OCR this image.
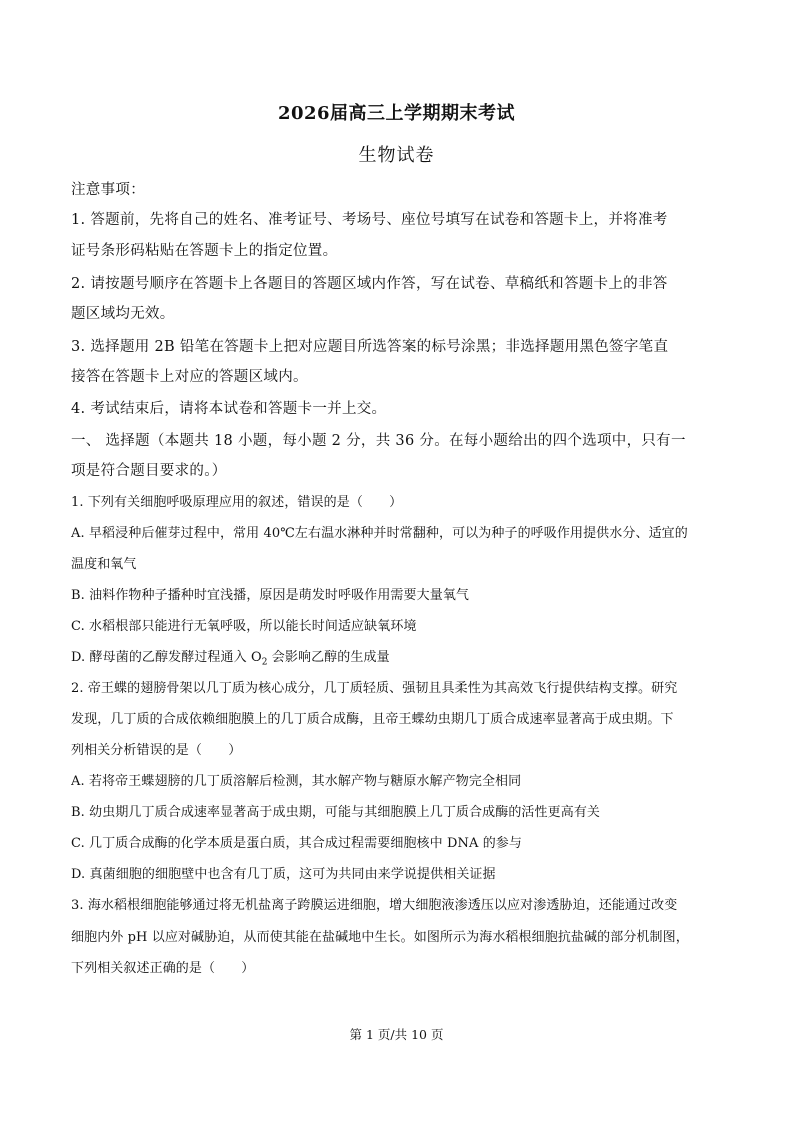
2026届高三上学期期末考试
生物试卷
注意事项：
1. 答题前，先将自己的姓名、准考证号、考场号、座位号填写在试卷和答题卡上，并将准考
证号条形码粘贴在答题卡上的指定位置。
2. 请按题号顺序在答题卡上各题目的答题区域内作答，写在试卷、草稿纸和答题卡上的非答
题区域均无效。
3. 选择题用 2B 铅笔在答题卡上把对应题目所选答案的标号涂黑；非选择题用黑色签字笔直
接答在答题卡上对应的答题区域内。
4. 考试结束后，请将本试卷和答题卡一并上交。
一、 选择题（本题共 18 小题，每小题 2 分，共 36 分。在每小题给出的四个选项中，只有一
项是符合题目要求的。）
1. 下列有关细胞呼吸原理应用的叙述，错误的是（　　）
A. 早稻浸种后催芽过程中，常用 40℃左右温水淋种并时常翻种，可以为种子的呼吸作用提供水分、适宜的
温度和氧气
B. 油料作物种子播种时宜浅播，原因是萌发时呼吸作用需要大量氧气
C. 水稻根部只能进行无氧呼吸，所以能长时间适应缺氧环境
D. 酵母菌的乙醇发酵过程通入 $O_2$ 会影响乙醇的生成量
2. 帝王蝶的翅膀骨架以几丁质为核心成分，几丁质轻质、强韧且具柔性为其高效飞行提供结构支撑。研究
发现，几丁质的合成依赖细胞膜上的几丁质合成酶，且帝王蝶幼虫期几丁质合成速率显著高于成虫期。下
列相关分析错误的是（　　）
A. 若将帝王蝶翅膀的几丁质溶解后检测，其水解产物与糖原水解产物完全相同
B. 幼虫期几丁质合成速率显著高于成虫期，可能与其细胞膜上几丁质合成酶的活性更高有关
C. 几丁质合成酶的化学本质是蛋白质，其合成过程需要细胞核中 DNA 的参与
D. 真菌细胞的细胞壁中也含有几丁质，这可为共同由来学说提供相关证据
3. 海水稻根细胞能够通过将无机盐离子跨膜运进细胞，增大细胞液渗透压以应对渗透胁迫，还能通过改变
细胞内外 pH 以应对碱胁迫，从而使其能在盐碱地中生长。如图所示为海水稻根细胞抗盐碱的部分机制图，
下列相关叙述正确的是（　　）
第 1 页/共 10 页
